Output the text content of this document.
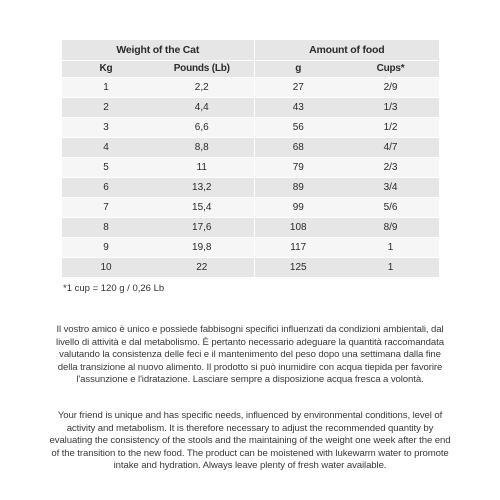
Weight of the Cat		Amount of food	
Kg	Pounds (Lb)	g	Cups*
1	2,2	27	2/9
2	4,4	43	1/3
3	6,6	56	1/2
4	8,8	68	4/7
5	11	79	2/3
6	13,2	89	3/4
7	15,4	99	5/6
8	17,6	108	8/9
9	19,8	117	1
10	22	125	1

*1 cup = 120 g / 0,26 Lb

Il vostro amico è unico e possiede fabbisogni specifici influenzati da condizioni ambientali, dal livello di attività e dal metabolismo. È pertanto necessario adeguare la quantità raccomandata valutando la consistenza delle feci e il mantenimento del peso dopo una settimana dalla fine della transizione al nuovo alimento. Il prodotto si può inumidire con acqua tiepida per favorire l'assunzione e l'idratazione. Lasciare sempre a disposizione acqua fresca a volontà.

Your friend is unique and has specific needs, influenced by environmental conditions, level of activity and metabolism. It is therefore necessary to adjust the recommended quantity by evaluating the consistency of the stools and the maintaining of the weight one week after the end of the transition to the new food. The product can be moistened with lukewarm water to promote intake and hydration. Always leave plenty of fresh water available.
